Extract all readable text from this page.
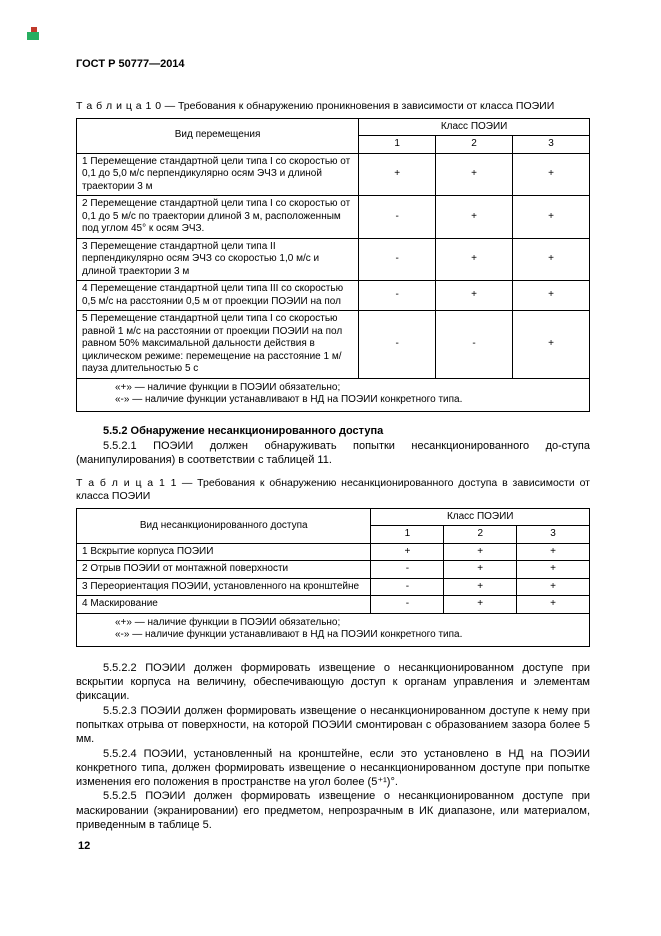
ГОСТ Р 50777—2014

Т а б л и ц а 1 0 — Требования к обнаружению проникновения в зависимости от класса ПОЭИИ

Вид перемещения	Класс ПОЭИИ		
	1	2	3
1 Перемещение стандартной цели типа I со скоростью от 0,1 до 5,0 м/с перпендикулярно осям ЭЧЗ и длиной траектории 3 м	+	+	+
2 Перемещение стандартной цели типа I со скоростью от 0,1 до 5 м/с по траектории длиной 3 м, расположенным под углом 45° к осям ЭЧЗ.	-	+	+
3 Перемещение стандартной цели типа II перпендикулярно осям ЭЧЗ со скоростью 1,0 м/с и длиной траектории 3 м	-	+	+
4 Перемещение стандартной цели типа III со скоростью 0,5 м/с на расстоянии 0,5 м от проекции ПОЭИИ на пол	-	+	+
5 Перемещение стандартной цели типа I со скоростью равной 1 м/с на расстоянии от проекции ПОЭИИ на пол равном 50% максимальной дальности действия в циклическом режиме: перемещение на расстояние 1 м/пауза длительностью 5 с	-	-	+

«+» — наличие функции в ПОЭИИ обязательно;
«-» — наличие функции устанавливают в НД на ПОЭИИ конкретного типа.			

5.5.2 Обнаружение несанкционированного доступа

5.5.2.1 ПОЭИИ должен обнаруживать попытки несанкционированного до-ступа (манипулирования) в соответствии с таблицей 11.

Т а б л и ц а 1 1 — Требования к обнаружению несанкционированного доступа в зависимости от класса ПОЭИИ

Вид несанкционированного доступа	Класс ПОЭИИ		
	1	2	3
1 Вскрытие корпуса ПОЭИИ	+	+	+
2 Отрыв ПОЭИИ от монтажной поверхности	-	+	+
3 Переориентация ПОЭИИ, установленного на кронштейне	-	+	+
4 Маскирование	-	+	+

«+» — наличие функции в ПОЭИИ обязательно;
«-» — наличие функции устанавливают в НД на ПОЭИИ конкретного типа.			

5.5.2.2 ПОЭИИ должен формировать извещение о несанкционированном доступе при вскрытии корпуса на величину, обеспечивающую доступ к органам управления и элементам фиксации.

5.5.2.3 ПОЭИИ должен формировать извещение о несанкционированном доступе к нему при попытках отрыва от поверхности, на которой ПОЭИИ смонтирован с образованием зазора более 5 мм.

5.5.2.4 ПОЭИИ, установленный на кронштейне, если это установлено в НД на ПОЭИИ конкретного типа, должен формировать извещение о несанкционированном доступе при попытке изменения его положения в пространстве на угол более (5⁺¹)°.

5.5.2.5 ПОЭИИ должен формировать извещение о несанкционированном доступе при маскировании (экранировании) его предметом, непрозрачным в ИК диапазоне, или материалом, приведенным в таблице 5.

12
